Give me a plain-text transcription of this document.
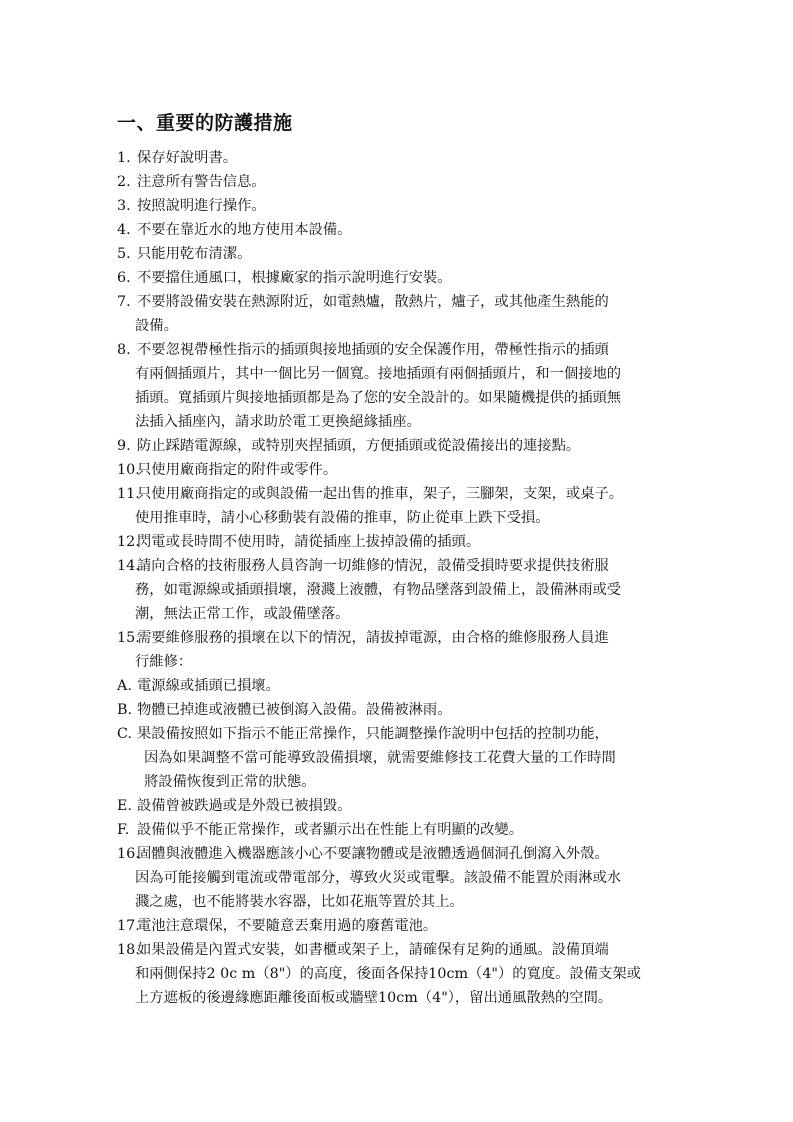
一、重要的防護措施
1. 保存好說明書。
2. 注意所有警告信息。
3. 按照說明進行操作。
4. 不要在靠近水的地方使用本設備。
5. 只能用乾布清潔。
6. 不要擋住通風口，根據廠家的指示說明進行安裝。
7. 不要將設備安裝在熱源附近，如電熱爐，散熱片，爐子，或其他產生熱能的
設備。
8. 不要忽視帶極性指示的插頭與接地插頭的安全保護作用，帶極性指示的插頭
有兩個插頭片，其中一個比另一個寬。接地插頭有兩個插頭片，和一個接地的
插頭。寬插頭片與接地插頭都是為了您的安全設計的。如果隨機提供的插頭無
法插入插座內，請求助於電工更換絕緣插座。
9. 防止踩踏電源線，或特別夾捏插頭，方便插頭或從設備接出的連接點。
10.
只使用廠商指定的附件或零件。
11.
只使用廠商指定的或與設備一起出售的推車，架子，三腳架，支架，或桌子。
使用推車時，請小心移動裝有設備的推車，防止從車上跌下受損。
12.
閃電或長時間不使用時，請從插座上拔掉設備的插頭。
14.
請向合格的技術服務人員咨詢一切維修的情況，設備受損時要求提供技術服
務，如電源線或插頭損壞，潑濺上液體，有物品墜落到設備上，設備淋雨或受
潮，無法正常工作，或設備墜落。
15.
需要維修服務的損壞在以下的情況，請拔掉電源，由合格的維修服務人員進
行維修：
A. 電源線或插頭已損壞。
B. 物體已掉進或液體已被倒瀉入設備。設備被淋雨。
C. 果設備按照如下指示不能正常操作，只能調整操作說明中包括的控制功能，
因為如果調整不當可能導致設備損壞，就需要維修技工花費大量的工作時間
將設備恢復到正常的狀態。
E. 設備曾被跌過或是外殼已被損毀。
F. 設備似乎不能正常操作，或者顯示出在性能上有明顯的改變。
16.
固體與液體進入機器應該小心不要讓物體或是液體透過個洞孔倒瀉入外殼。
因為可能接觸到電流或帶電部分，導致火災或電擊。該設備不能置於雨淋或水
濺之處，也不能將裝水容器，比如花瓶等置於其上。
17.
電池注意環保，不要隨意丟棄用過的廢舊電池。
18.
如果設備是內置式安裝，如書櫃或架子上，請確保有足夠的通風。設備頂端
和兩側保持2 0c m（8"）的高度，後面各保持10cm（4"）的寬度。設備支架或
上方遮板的後邊緣應距離後面板或牆壁10cm（4"），留出通風散熱的空間。
